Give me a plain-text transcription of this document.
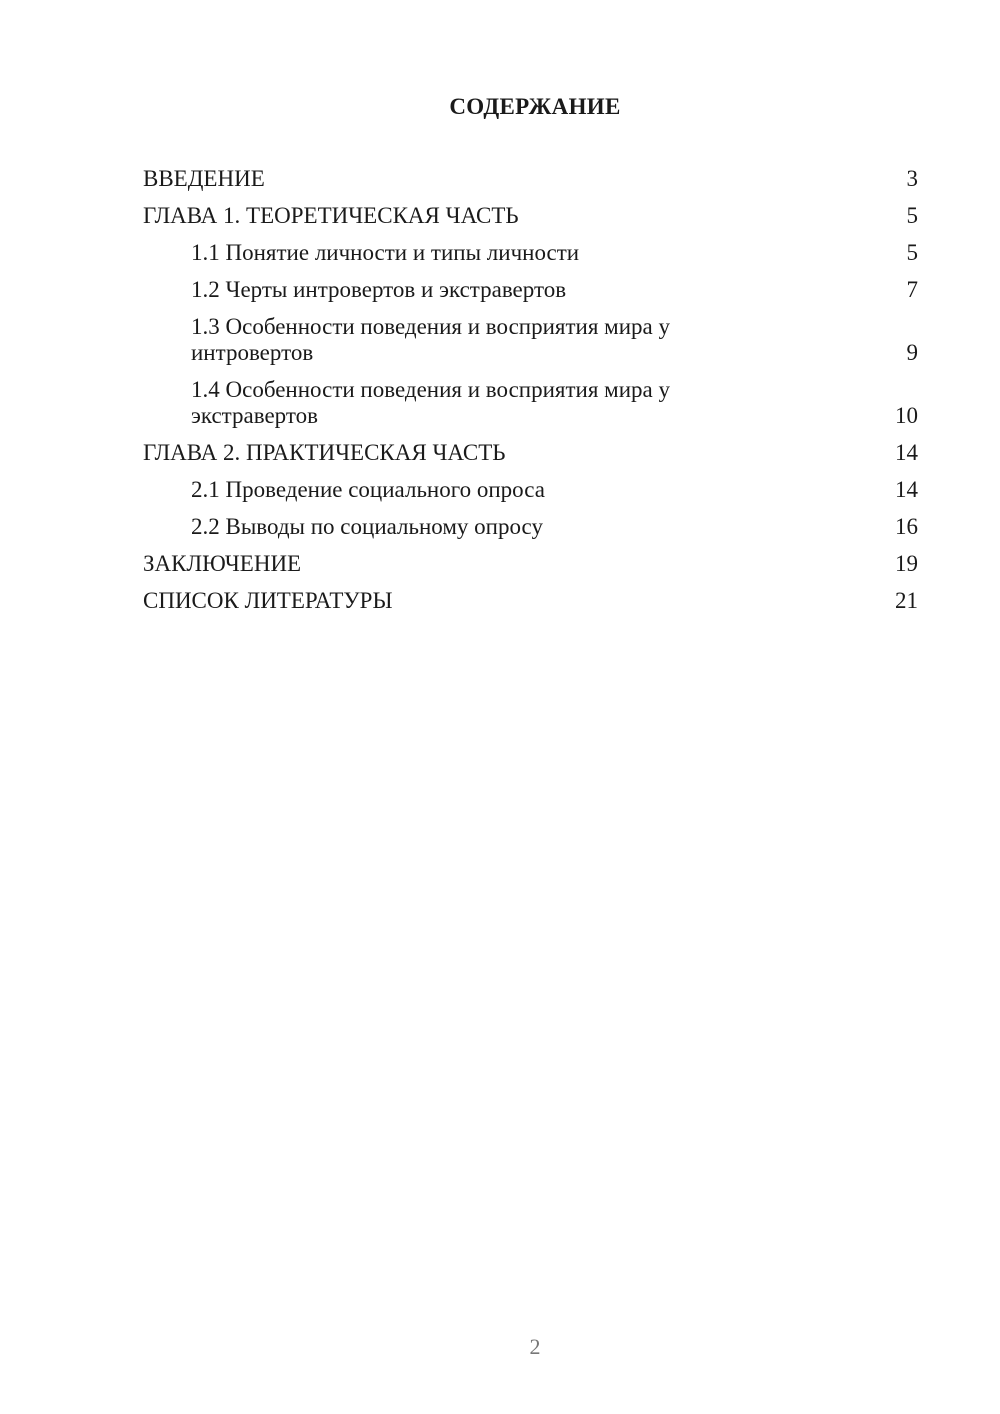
СОДЕРЖАНИЕ
ВВЕДЕНИЕ	3
ГЛАВА 1. ТЕОРЕТИЧЕСКАЯ ЧАСТЬ	5
1.1 Понятие личности и типы личности	5
1.2 Черты интровертов и экстравертов	7
1.3 Особенности поведения и восприятия мира у интровертов	9
1.4 Особенности поведения и восприятия мира у экстравертов	10
ГЛАВА 2. ПРАКТИЧЕСКАЯ ЧАСТЬ	14
2.1 Проведение социального опроса	14
2.2 Выводы по социальному опросу	16
ЗАКЛЮЧЕНИЕ	19
СПИСОК ЛИТЕРАТУРЫ	21

2
